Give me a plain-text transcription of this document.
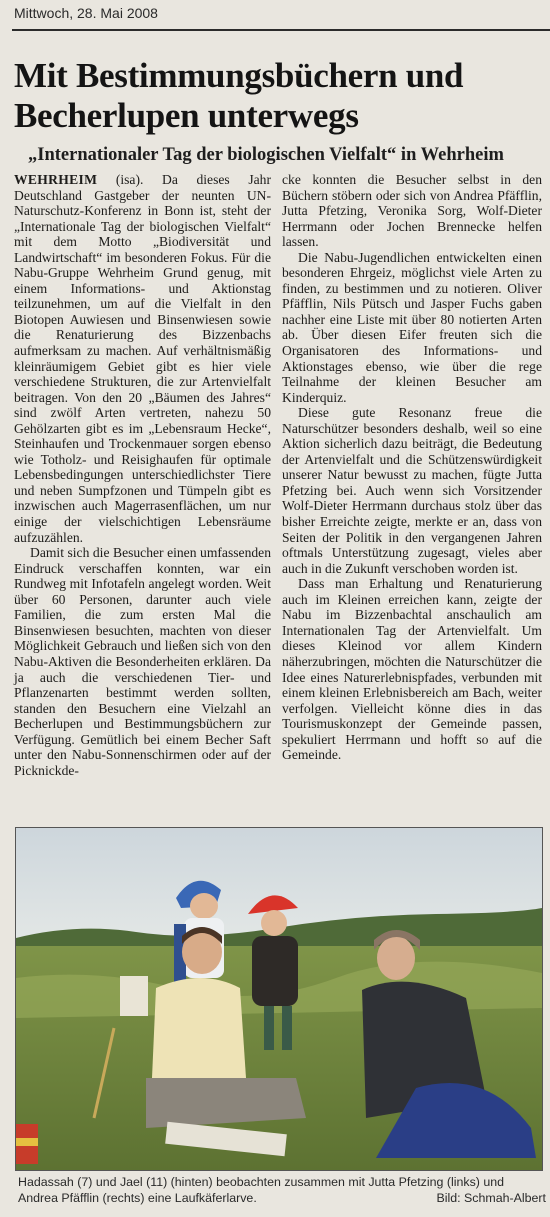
Mittwoch, 28. Mai 2008
Mit Bestimmungsbüchern und Becherlupen unterwegs
„Internationaler Tag der biologischen Vielfalt“ in Wehrheim

WEHRHEIM (isa). Da dieses Jahr Deutschland Gastgeber der neunten UN-Naturschutz-Konferenz in Bonn ist, steht der „Internationale Tag der biologischen Vielfalt“ mit dem Motto „Biodiversität und Landwirtschaft“ im besonderen Fokus. Für die Nabu-Gruppe Wehrheim Grund genug, mit einem Informations- und Aktionstag teilzunehmen, um auf die Vielfalt in den Biotopen Auwiesen und Binsenwiesen sowie die Renaturierung des Bizzenbachs aufmerksam zu machen. Auf verhältnismäßig kleinräumigem Gebiet gibt es hier viele verschiedene Strukturen, die zur Artenvielfalt beitragen. Von den 20 „Bäumen des Jahres“ sind zwölf Arten vertreten, nahezu 50 Gehölzarten gibt es im „Lebensraum Hecke“, Steinhaufen und Trockenmauer sorgen ebenso wie Totholz- und Reisighaufen für optimale Lebensbedingungen unterschiedlichster Tiere und neben Sumpfzonen und Tümpeln gibt es inzwischen auch Magerrasenflächen, um nur einige der vielschichtigen Lebensräume aufzuzählen.

Damit sich die Besucher einen umfassenden Eindruck verschaffen konnten, war ein Rundweg mit Infotafeln angelegt worden. Weit über 60 Personen, darunter auch viele Familien, die zum ersten Mal die Binsenwiesen besuchten, machten von dieser Möglichkeit Gebrauch und ließen sich von den Nabu-Aktiven die Besonderheiten erklären. Da ja auch die verschiedenen Tier- und Pflanzenarten bestimmt werden sollten, standen den Besuchern eine Vielzahl an Becherlupen und Bestimmungsbüchern zur Verfügung. Gemütlich bei einem Becher Saft unter den Nabu-Sonnenschirmen oder auf der Picknickde-

cke konnten die Besucher selbst in den Büchern stöbern oder sich von Andrea Pfäfflin, Jutta Pfetzing, Veronika Sorg, Wolf-Dieter Herrmann oder Jochen Brennecke helfen lassen.

Die Nabu-Jugendlichen entwickelten einen besonderen Ehrgeiz, möglichst viele Arten zu finden, zu bestimmen und zu notieren. Oliver Pfäfflin, Nils Pütsch und Jasper Fuchs gaben nachher eine Liste mit über 80 notierten Arten ab. Über diesen Eifer freuten sich die Organisatoren des Informations- und Aktionstages ebenso, wie über die rege Teilnahme der kleinen Besucher am Kinderquiz.

Diese gute Resonanz freue die Naturschützer besonders deshalb, weil so eine Aktion sicherlich dazu beiträgt, die Bedeutung der Artenvielfalt und die Schützenswürdigkeit unserer Natur bewusst zu machen, fügte Jutta Pfetzing bei. Auch wenn sich Vorsitzender Wolf-Dieter Herrmann durchaus stolz über das bisher Erreichte zeigte, merkte er an, dass von Seiten der Politik in den vergangenen Jahren oftmals Unterstützung zugesagt, vieles aber auch in die Zukunft verschoben worden ist.

Dass man Erhaltung und Renaturierung auch im Kleinen erreichen kann, zeigte der Nabu im Bizzenbachtal anschaulich am Internationalen Tag der Artenvielfalt. Um dieses Kleinod vor allem Kindern näherzubringen, möchten die Naturschützer die Idee eines Naturerlebnispfades, verbunden mit einem kleinen Erlebnisbereich am Bach, weiter verfolgen. Vielleicht könne dies in das Tourismuskonzept der Gemeinde passen, spekuliert Herrmann und hofft so auf die Gemeinde.

Hadassah (7) und Jael (11) (hinten) beobachten zusammen mit Jutta Pfetzing (links) und Andrea Pfäfflin (rechts) eine Laufkäferlarve.	Bild: Schmah-Albert
